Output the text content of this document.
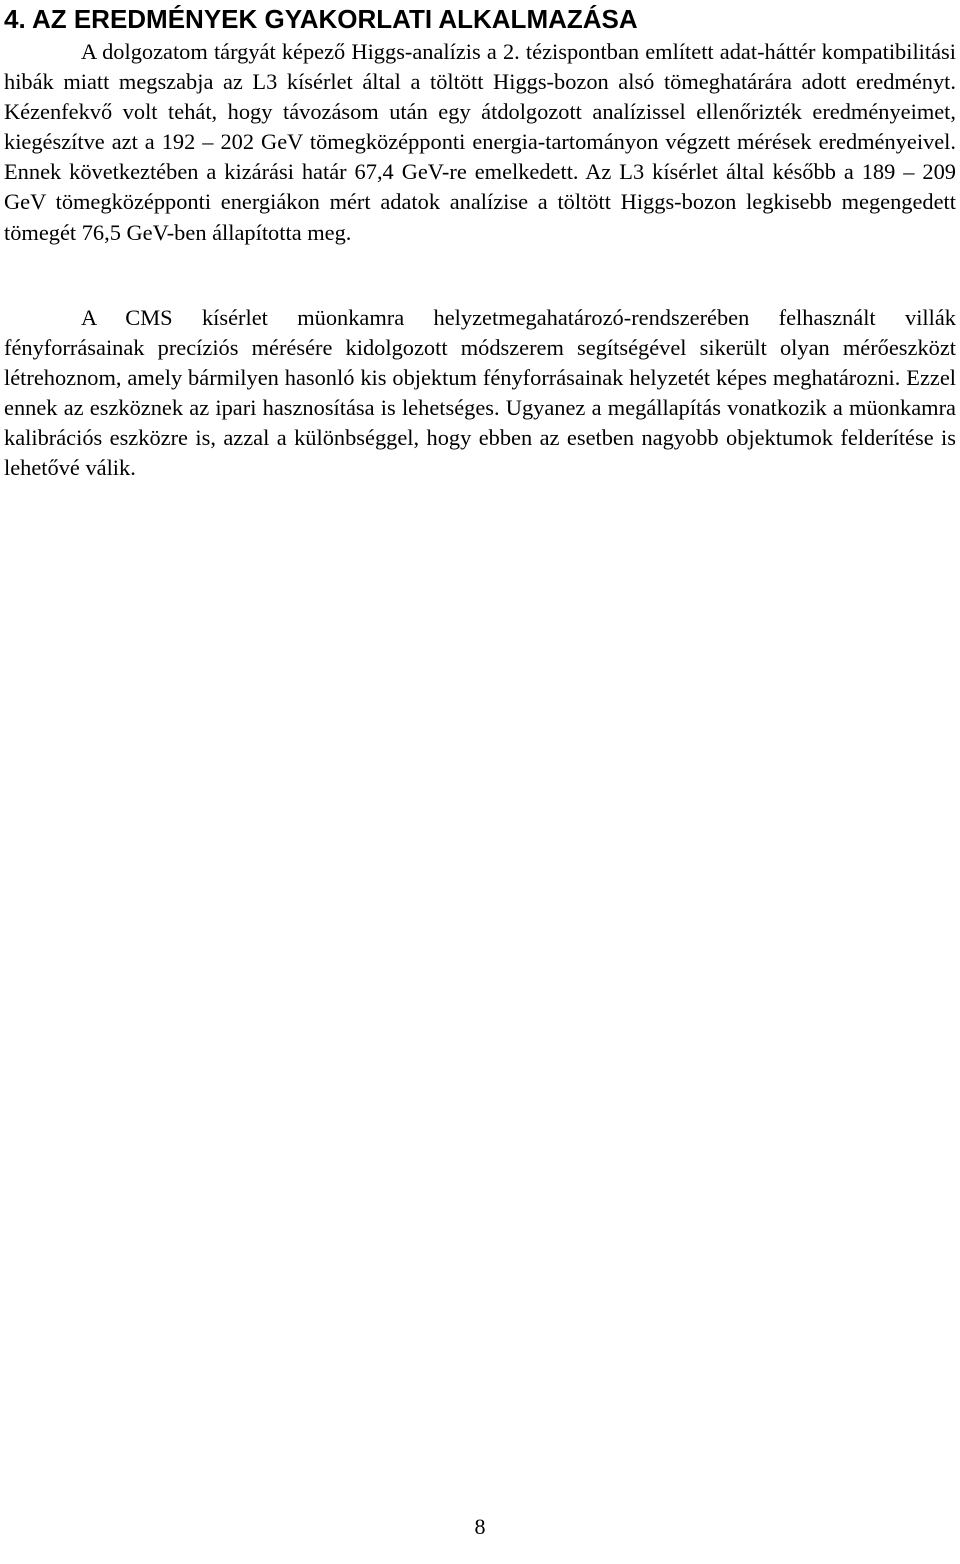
4. AZ EREDMÉNYEK GYAKORLATI ALKALMAZÁSA

A dolgozatom tárgyát képező Higgs-analízis a 2. tézispontban említett adat-háttér kompatibilitási hibák miatt megszabja az L3 kísérlet által a töltött Higgs-bozon alsó tömeghatárára adott eredményt. Kézenfekvő volt tehát, hogy távozásom után egy átdolgozott analízissel ellenőrizték eredményeimet, kiegészítve azt a 192 – 202 GeV tömegközépponti energia-tartományon végzett mérések eredményeivel. Ennek következtében a kizárási határ 67,4 GeV-re emelkedett. Az L3 kísérlet által később a 189 – 209 GeV tömegközépponti energiákon mért adatok analízise a töltött Higgs-bozon legkisebb megengedett tömegét 76,5 GeV-ben állapította meg.

A CMS kísérlet müonkamra helyzetmegahatározó-rendszerében felhasznált villák fényforrásainak precíziós mérésére kidolgozott módszerem segítségével sikerült olyan mérőeszközt létrehoznom, amely bármilyen hasonló kis objektum fényforrásainak helyzetét képes meghatározni. Ezzel ennek az eszköznek az ipari hasznosítása is lehetséges. Ugyanez a megállapítás vonatkozik a müonkamra kalibrációs eszközre is, azzal a különbséggel, hogy ebben az esetben nagyobb objektumok felderítése is lehetővé válik.

8
